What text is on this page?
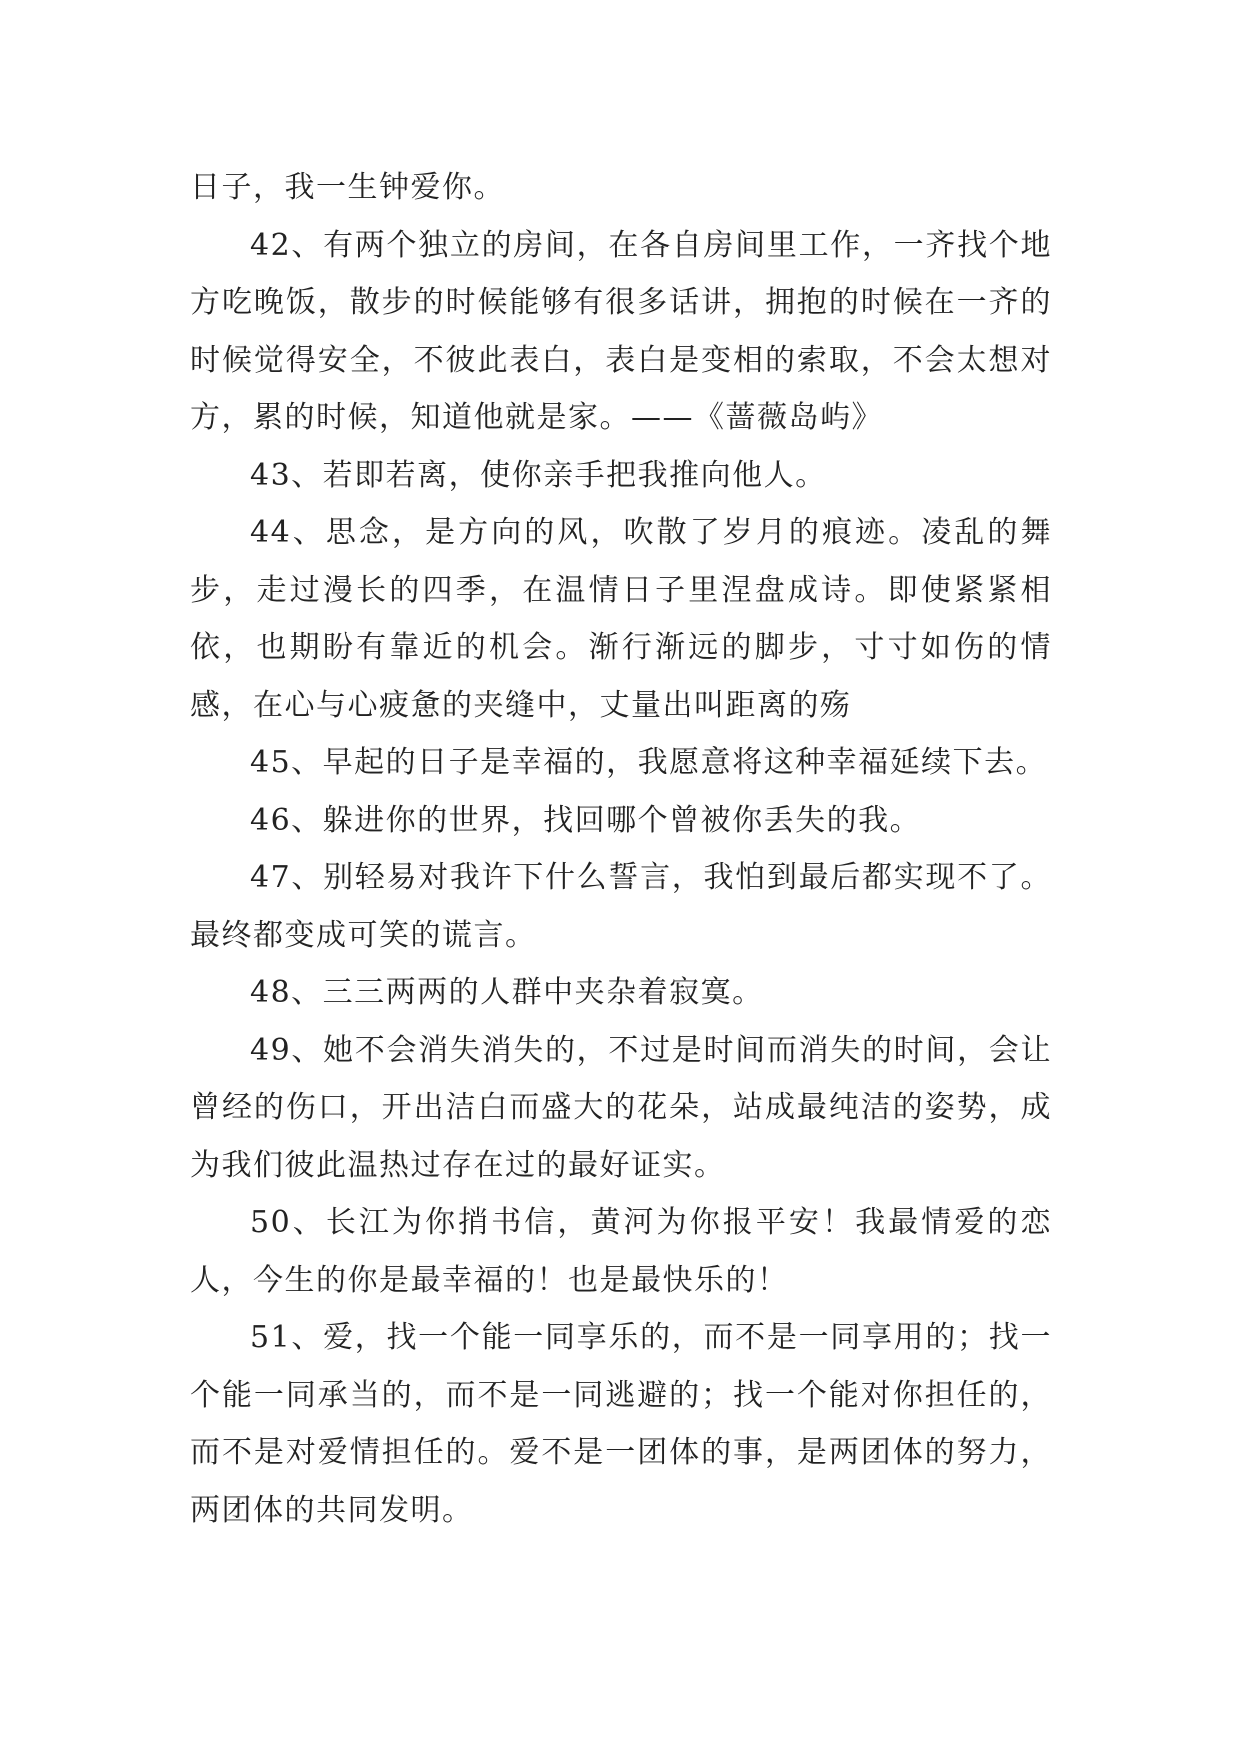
日子，我一生钟爱你。

42、有两个独立的房间，在各自房间里工作，一齐找个地方吃晚饭，散步的时候能够有很多话讲，拥抱的时候在一齐的时候觉得安全，不彼此表白，表白是变相的索取，不会太想对方，累的时候，知道他就是家。——《蔷薇岛屿》

43、若即若离，使你亲手把我推向他人。

44、思念，是方向的风，吹散了岁月的痕迹。凌乱的舞步，走过漫长的四季，在温情日子里涅盘成诗。即使紧紧相依，也期盼有靠近的机会。渐行渐远的脚步，寸寸如伤的情感，在心与心疲惫的夹缝中，丈量出叫距离的殇

45、早起的日子是幸福的，我愿意将这种幸福延续下去。

46、躲进你的世界，找回哪个曾被你丢失的我。

47、别轻易对我许下什么誓言，我怕到最后都实现不了。最终都变成可笑的谎言。

48、三三两两的人群中夹杂着寂寞。

49、她不会消失消失的，不过是时间而消失的时间，会让曾经的伤口，开出洁白而盛大的花朵，站成最纯洁的姿势，成为我们彼此温热过存在过的最好证实。

50、长江为你捎书信，黄河为你报平安！我最情爱的恋人，今生的你是最幸福的！也是最快乐的！

51、爱，找一个能一同享乐的，而不是一同享用的；找一个能一同承当的，而不是一同逃避的；找一个能对你担任的，而不是对爱情担任的。爱不是一团体的事，是两团体的努力，两团体的共同发明。
